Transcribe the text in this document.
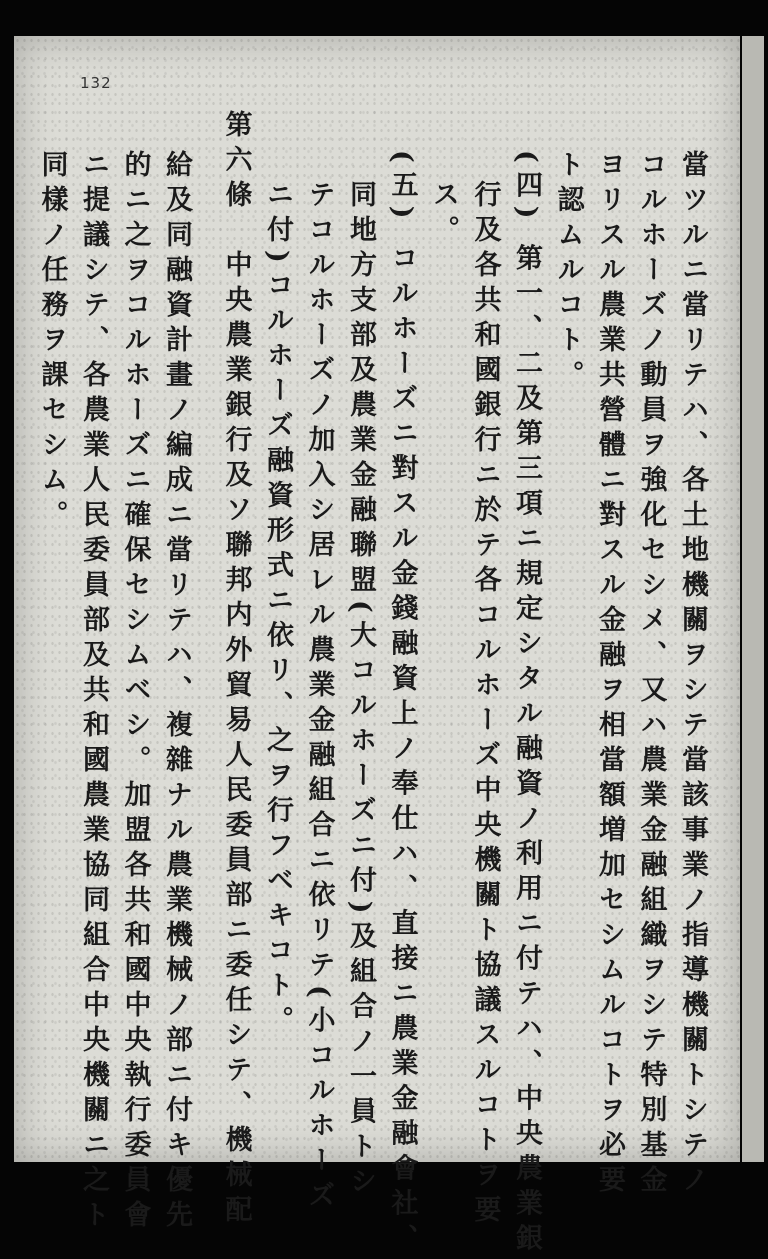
132
當ツルニ當リテハ、各土地機關ヲシテ當該事業ノ指導機關トシテノ
コルホーズノ動員ヲ強化セシメ、又ハ農業金融組織ヲシテ特別基金
ヨリスル農業共營體ニ對スル金融ヲ相當額増加セシムルコトヲ必要
ト認ムルコト。
(四) 第一、二及第三項ニ規定シタル融資ノ利用ニ付テハ、中央農業銀
行及各共和國銀行ニ於テ各コルホーズ中央機關ト協議スルコトヲ要
ス。
(五) コルホーズニ對スル金錢融資上ノ奉仕ハ、直接ニ農業金融會社、
同地方支部及農業金融聯盟(大コルホーズニ付)及組合ノ一員トシ
テコルホーズノ加入シ居レル農業金融組合ニ依リテ(小コルホーズ
ニ付)コルホーズ融資形式ニ依リ、之ヲ行フベキコト。
第六條　中央農業銀行及ソ聯邦内外貿易人民委員部ニ委任シテ、機械配
給及同融資計畫ノ編成ニ當リテハ、複雜ナル農業機械ノ部ニ付キ優先
的ニ之ヲコルホーズニ確保セシムベシ。加盟各共和國中央執行委員會
ニ提議シテ、各農業人民委員部及共和國農業協同組合中央機關ニ之ト
同樣ノ任務ヲ課セシム。
